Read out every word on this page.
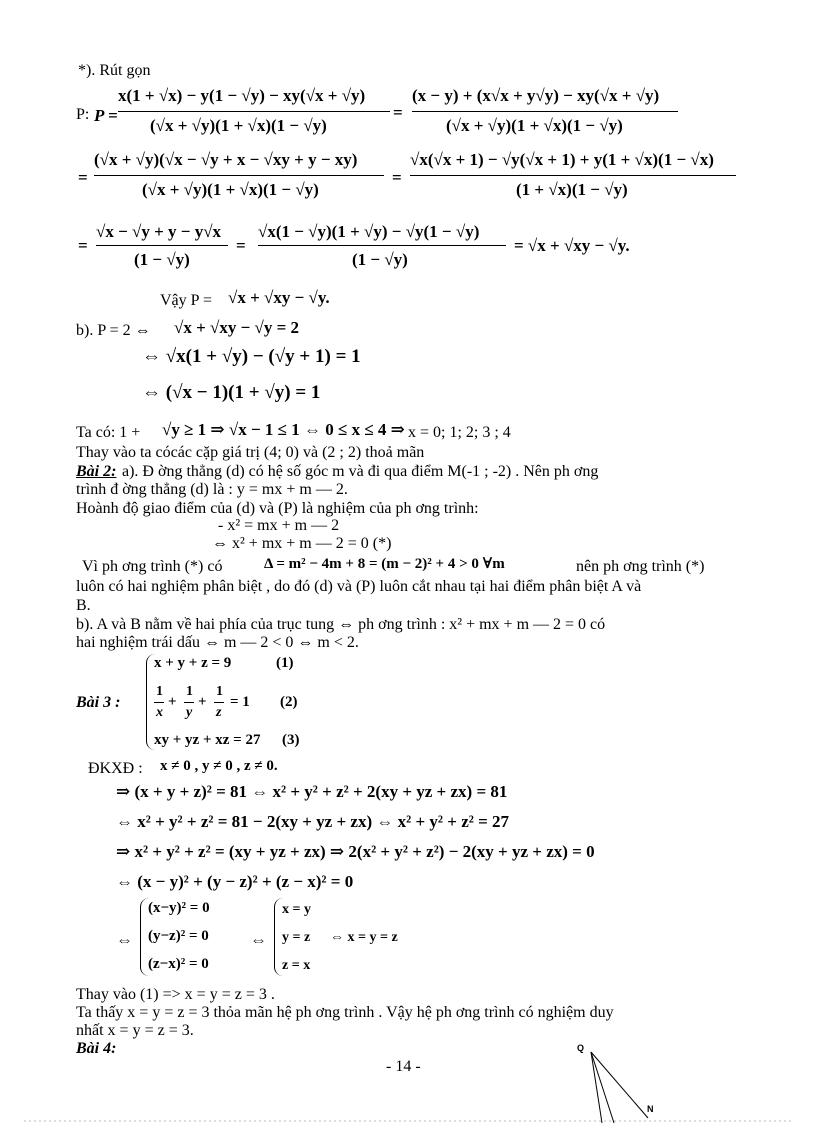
*). Rút gọn
P: P =
x(1 + √x) − y(1 − √y) − xy(√x + √y)
(√x + √y)(1 + √x)(1 − √y)
=
(x − y) + (x√x + y√y) − xy(√x + √y)
(√x + √y)(1 + √x)(1 − √y)
=
(√x + √y)(√x − √y + x − √xy + y − xy)
(√x + √y)(1 + √x)(1 − √y)
=
√x(√x + 1) − √y(√x + 1) + y(1 + √x)(1 − √x)
(1 + √x)(1 − √y)
=
√x − √y + y − y√x
(1 − √y)
=
√x(1 − √y)(1 + √y) − √y(1 − √y)
(1 − √y)
= √x + √xy − √y.
Vậy P = √x + √xy − √y.
b). P = 2 ⇔ √x + √xy − √y = 2
⇔ √x(1 + √y) − (√y + 1) = 1
⇔ (√x − 1)(1 + √y) = 1
Ta có: 1 + √y ≥ 1 ⇒ √x − 1 ≤ 1 ⇔ 0 ≤ x ≤ 4 ⇒ x = 0; 1; 2; 3 ; 4
Thay vào ta cócác cặp giá trị (4; 0) và (2 ; 2) thoả mãn
Bài 2: a). Đ ờng thẳng (d) có hệ số góc m và đi qua điểm M(-1 ; -2) . Nên ph ơng
trình đ ờng thẳng (d) là : y = mx + m — 2.
Hoành độ giao điểm của (d) và (P) là nghiệm của ph ơng trình:
- x² = mx + m — 2
⇔ x² + mx + m — 2 = 0 (*)
Vì ph ơng trình (*) có	Δ = m² − 4m + 8 = (m − 2)² + 4 > 0 ∀m	nên ph ơng trình (*)
luôn có hai nghiệm phân biệt , do đó (d) và (P) luôn cắt nhau tại hai điểm phân biệt A và
B.
b). A và B nằm về hai phía của trục tung ⇔ ph ơng trình : x² + mx + m — 2 = 0 có
hai nghiệm trái dấu ⇔ m — 2 < 0 ⇔ m < 2.
Bài 3 :
x + y + z = 9	(1)
1
x
+
1
y
+
1
z
= 1 (2)
xy + yz + xz = 27 (3)
ĐKXĐ : x ≠ 0 , y ≠ 0 , z ≠ 0.
⇒ (x + y + z)² = 81 ⇔ x² + y² + z² + 2(xy + yz + zx) = 81
⇔ x² + y² + z² = 81 − 2(xy + yz + zx) ⇔ x² + y² + z² = 27
⇒ x² + y² + z² = (xy + yz + zx) ⇒ 2(x² + y² + z²) − 2(xy + yz + zx) = 0
⇔ (x − y)² + (y − z)² + (z − x)² = 0
⇔
(x−y)² = 0
(y−z)² = 0
(z−x)² = 0
⇔
x = y
y = z
z = x
⇔ x = y = z
Thay vào (1) => x = y = z = 3 .
Ta thấy x = y = z = 3 thỏa mãn hệ ph ơng trình . Vậy hệ ph ơng trình có nghiệm duy
nhất x = y = z = 3.
Bài 4:
- 14 -
Q
N
